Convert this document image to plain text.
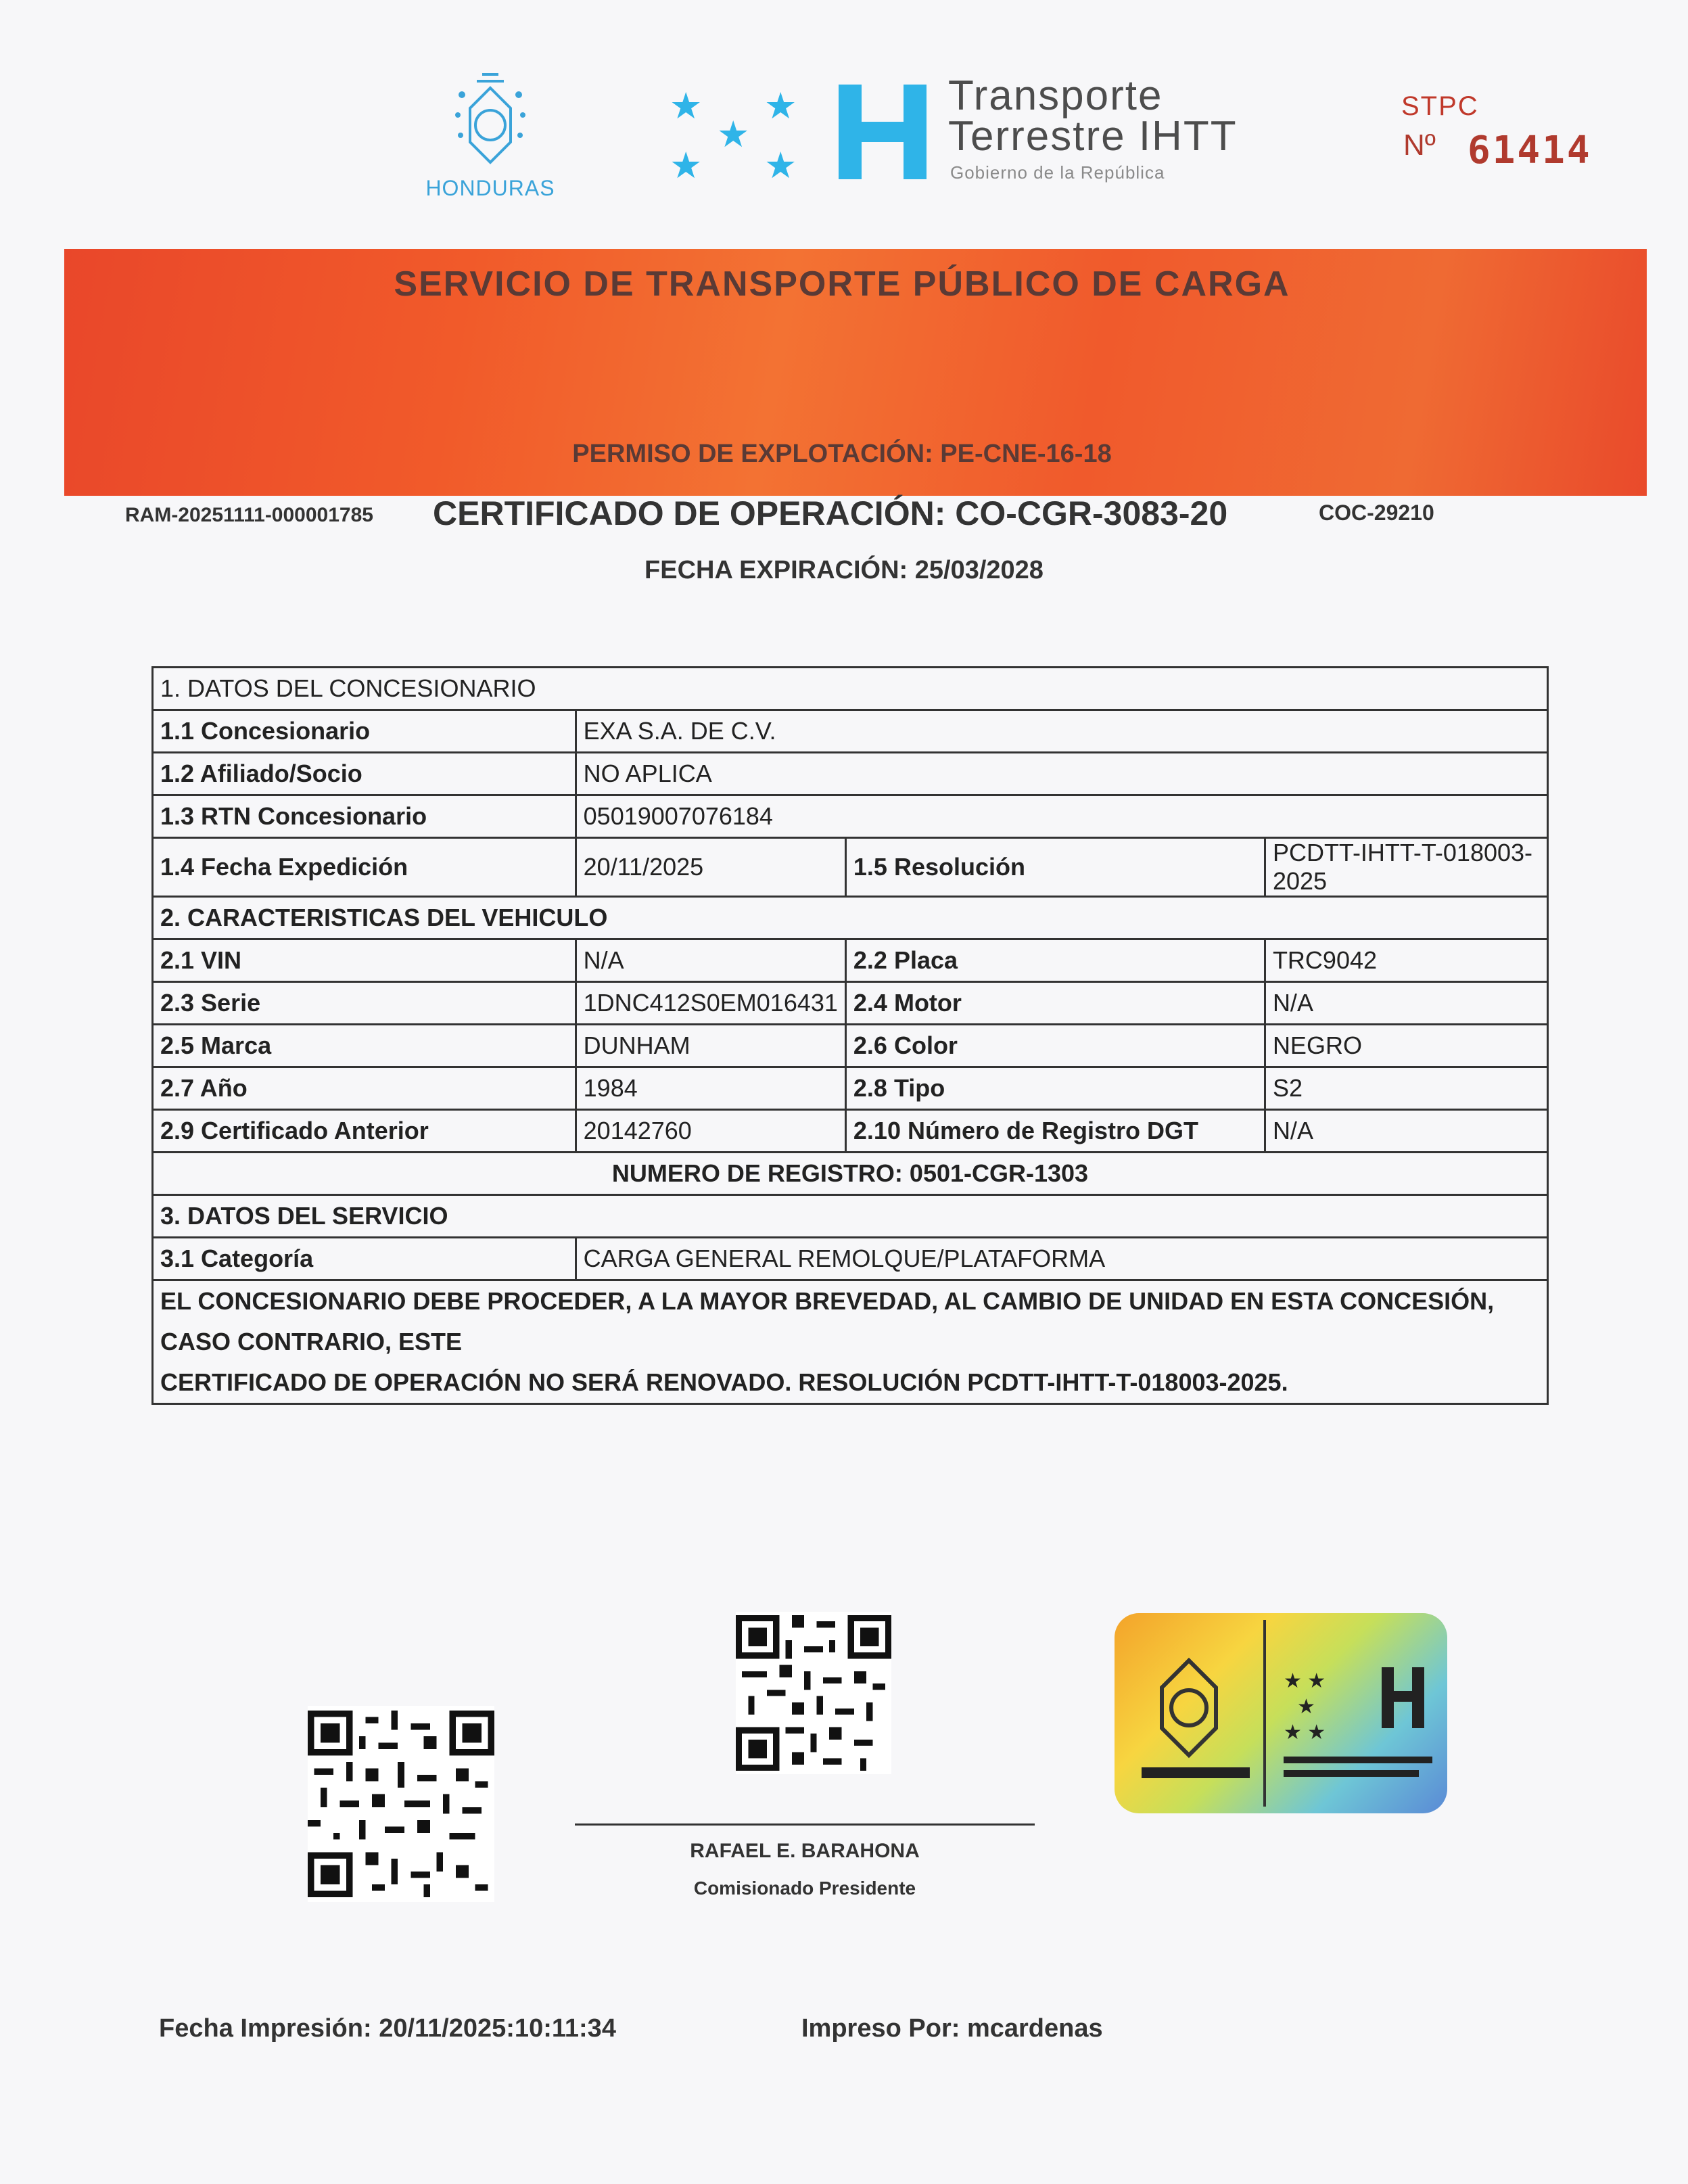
HONDURAS
★ ★
★
★ ★
Transporte
Terrestre IHTT
Gobierno de la República
STPC
Nº 61414
SERVICIO DE TRANSPORTE PÚBLICO DE CARGA
PERMISO DE EXPLOTACIÓN: PE-CNE-16-18
RAM-20251111-000001785 CERTIFICADO DE OPERACIÓN: CO-CGR-3083-20	COC-29210
FECHA EXPIRACIÓN: 25/03/2028
1. DATOS DEL CONCESIONARIO			
1.1 Concesionario	EXA S.A. DE C.V.		
1.2 Afiliado/Socio	NO APLICA		
1.3 RTN Concesionario	05019007076184		
1.4 Fecha Expedición	20/11/2025	1.5 Resolución	PCDTT-IHTT-T-018003-2025
2. CARACTERISTICAS DEL VEHICULO			
2.1 VIN	N/A	2.2 Placa	TRC9042
2.3 Serie	1DNC412S0EM016431	2.4 Motor	N/A
2.5 Marca	DUNHAM	2.6 Color	NEGRO
2.7 Año	1984	2.8 Tipo	S2
2.9 Certificado Anterior	20142760	2.10 Número de Registro DGT	N/A
NUMERO DE REGISTRO: 0501-CGR-1303			
3. DATOS DEL SERVICIO			
3.1 Categoría	CARGA GENERAL REMOLQUE/PLATAFORMA		

EL CONCESIONARIO DEBE PROCEDER, A LA MAYOR BREVEDAD, AL CAMBIO DE UNIDAD EN ESTA CONCESIÓN, CASO CONTRARIO, ESTE
CERTIFICADO DE OPERACIÓN NO SERÁ RENOVADO. RESOLUCIÓN PCDTT-IHTT-T-018003-2025.			
RAFAEL E. BARAHONA
Comisionado Presidente
★ ★
★
★ ★
Fecha Impresión: 20/11/2025:10:11:34	Impreso Por: mcardenas
